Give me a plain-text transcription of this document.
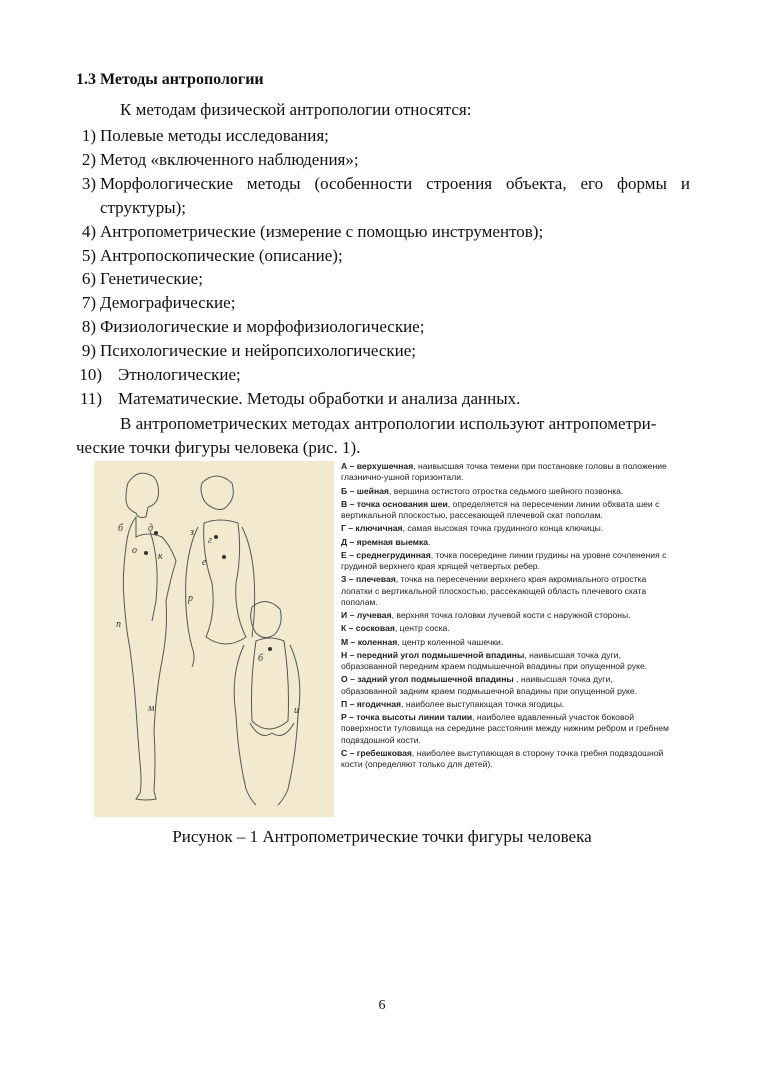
1.3 Методы антропологии
К методам физической антропологии относятся:
1) Полевые методы исследования;
2) Метод «включенного наблюдения»;
3) Морфологические методы (особенности строения объекта, его формы и структуры);
4) Антропометрические (измерение с помощью инструментов);
5) Антропоскопические (описание);
6) Генетические;
7) Демографические;
8) Физиологические и морфофизиологические;
9) Психологические и нейропсихологические;
10) Этнологические;
11) Математические. Методы обработки и анализа данных.
В антропометрических методах антропологии используют антропометри-
ческие точки фигуры человека (рис. 1).
б
о
д
к
п
м
з
г
е
р
б
и
А – верхушечная, наивысшая точка темени при постановке головы в положение глазнично-ушной горизонтали.
Б – шейная, вершина остистого отростка седьмого шейного позвонка.
В – точка основания шеи, определяется на пересечении линии обхвата шеи с вертикальной плоскостью, рассекающей плечевой скат пополам.
Г – ключичная, самая высокая точка грудинного конца ключицы.
Д – яремная выемка.
Е – среднегрудинная, точка посередине линии грудины на уровне сочленения с грудиной верхнего края хрящей четвертых ребер.
З – плечевая, точка на пересечении верхнего края акромиального отростка лопатки с вертикальной плоскостью, рассекающей область плечевого ската пополам.
И – лучевая, верхняя точка головки лучевой кости с наружной стороны.
К – сосковая, центр соска.
М – коленная, центр коленной чашечки.
Н – передний угол подмышечной впадины, наивысшая точка дуги, образованной передним краем подмышечной впадины при опущенной руке.
О – задний угол подмышечной впадины , наивысшая точка дуги, образованной задним краем подмышечной впадины при опущенной руке.
П – ягодичная, наиболее выступающая точка ягодицы.
Р – точка высоты линии талии, наиболее вдавленный участок боковой поверхности туловища на середине расстояния между нижним ребром и гребнем подвздошной кости.
С – гребешковая, наиболее выступающая в сторону точка гребня подвздошной кости (определяют только для детей).
Рисунок – 1 Антропометрические точки фигуры человека
6
